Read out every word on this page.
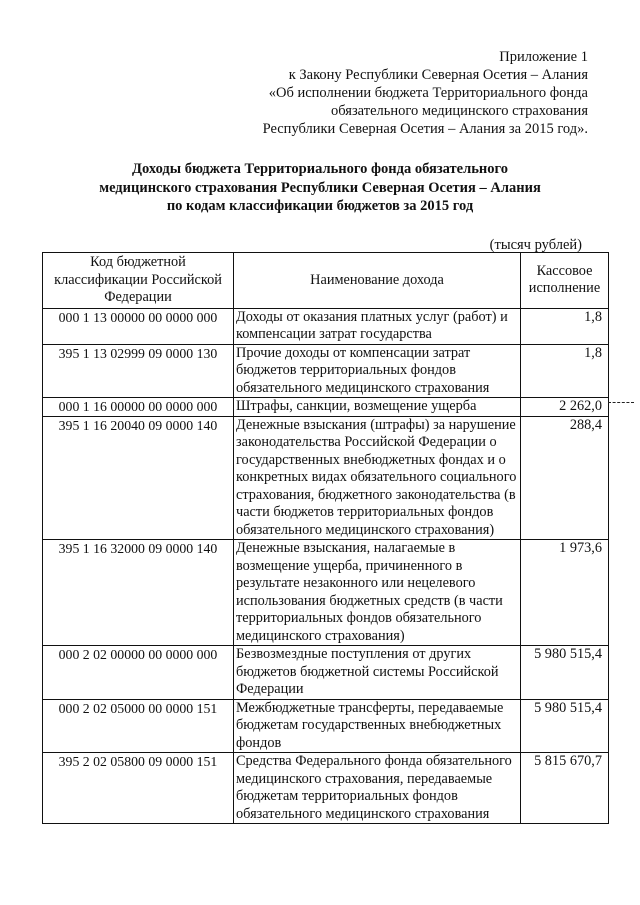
Приложение 1
к Закону Республики Северная Осетия – Алания
«Об исполнении бюджета Территориального фонда
обязательного медицинского страхования
Республики Северная Осетия – Алания за 2015 год».
Доходы бюджета Территориального фонда обязательного
медицинского страхования Республики Северная Осетия – Алания
по кодам классификации бюджетов за 2015 год
(тысяч рублей)
Код бюджетной классификации Российской Федерации	Наименование дохода	Кассовое исполнение
000 1 13 00000 00 0000 000	Доходы от оказания платных услуг (работ) и компенсации затрат государства	1,8
395 1 13 02999 09 0000 130	Прочие доходы от компенсации затрат бюджетов территориальных фондов обязательного медицинского страхования	1,8
000 1 16 00000 00 0000 000	Штрафы, санкции, возмещение ущерба	2 262,0
395 1 16 20040 09 0000 140	Денежные взыскания (штрафы) за нарушение законодательства Российской Федерации о государственных внебюджетных фондах и о конкретных видах обязательного социального страхования, бюджетного законодательства (в части бюджетов территориальных фондов обязательного медицинского страхования)	288,4
395 1 16 32000 09 0000 140	Денежные взыскания, налагаемые в возмещение ущерба, причиненного в результате незаконного или нецелевого использования бюджетных средств (в части территориальных фондов обязательного медицинского страхования)	1 973,6
000 2 02 00000 00 0000 000	Безвозмездные поступления от других бюджетов бюджетной системы Российской Федерации	5 980 515,4
000 2 02 05000 00 0000 151	Межбюджетные трансферты, передаваемые бюджетам государственных внебюджетных фондов	5 980 515,4
395 2 02 05800 09 0000 151	Средства Федерального фонда обязательного медицинского страхования, передаваемые бюджетам территориальных фондов обязательного медицинского страхования	5 815 670,7
